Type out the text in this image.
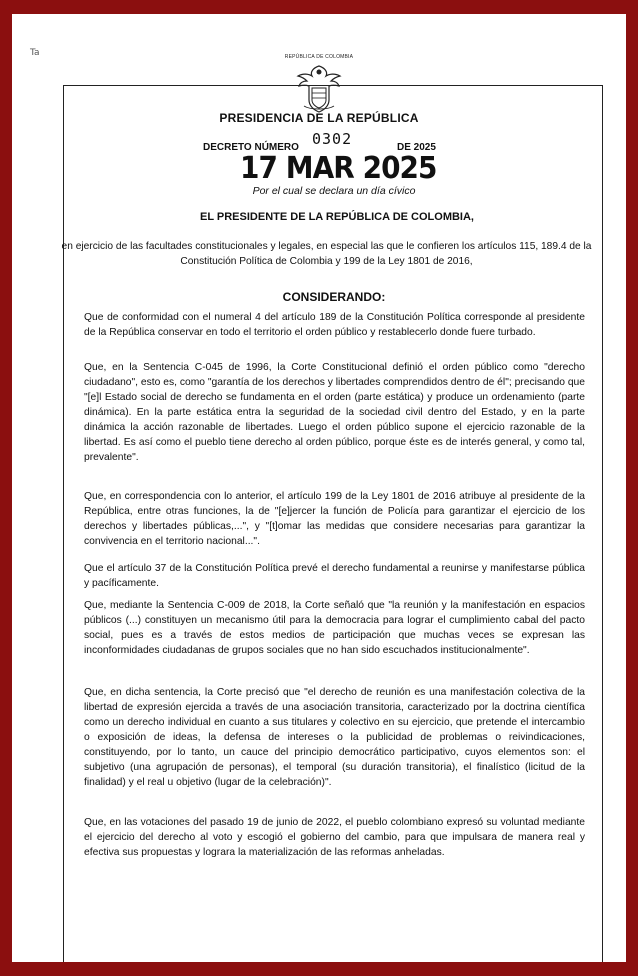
Ta	REPÚBLICA DE COLOMBIA
PRESIDENCIA DE LA REPÚBLICA
DECRETO NÚMERO 0302	DE 2025
17 MAR 2025
Por el cual se declara un día cívico
EL PRESIDENTE DE LA REPÚBLICA DE COLOMBIA,
en ejercicio de las facultades constitucionales y legales, en especial las que le confieren los artículos 115, 189.4 de la Constitución Política de Colombia y 199 de la Ley 1801 de 2016,
CONSIDERANDO:

Que de conformidad con el numeral 4 del artículo 189 de la Constitución Política corresponde al presidente de la República conservar en todo el territorio el orden público y restablecerlo donde fuere turbado.

Que, en la Sentencia C-045 de 1996, la Corte Constitucional definió el orden público como "derecho ciudadano", esto es, como "garantía de los derechos y libertades comprendidos dentro de él"; precisando que "[e]l Estado social de derecho se fundamenta en el orden (parte estática) y produce un ordenamiento (parte dinámica). En la parte estática entra la seguridad de la sociedad civil dentro del Estado, y en la parte dinámica la acción razonable de libertades. Luego el orden público supone el ejercicio razonable de la libertad. Es así como el pueblo tiene derecho al orden público, porque éste es de interés general, y como tal, prevalente".

Que, en correspondencia con lo anterior, el artículo 199 de la Ley 1801 de 2016 atribuye al presidente de la República, entre otras funciones, la de "[e]jercer la función de Policía para garantizar el ejercicio de los derechos y libertades públicas,...", y "[t]omar las medidas que considere necesarias para garantizar la convivencia en el territorio nacional...".

Que el artículo 37 de la Constitución Política prevé el derecho fundamental a reunirse y manifestarse pública y pacíficamente.

Que, mediante la Sentencia C-009 de 2018, la Corte señaló que "la reunión y la manifestación en espacios públicos (...) constituyen un mecanismo útil para la democracia para lograr el cumplimiento cabal del pacto social, pues es a través de estos medios de participación que muchas veces se expresan las inconformidades ciudadanas de grupos sociales que no han sido escuchados institucionalmente".

Que, en dicha sentencia, la Corte precisó que "el derecho de reunión es una manifestación colectiva de la libertad de expresión ejercida a través de una asociación transitoria, caracterizado por la doctrina científica como un derecho individual en cuanto a sus titulares y colectivo en su ejercicio, que pretende el intercambio o exposición de ideas, la defensa de intereses o la publicidad de problemas o reivindicaciones, constituyendo, por lo tanto, un cauce del principio democrático participativo, cuyos elementos son: el subjetivo (una agrupación de personas), el temporal (su duración transitoria), el finalístico (licitud de la finalidad) y el real u objetivo (lugar de la celebración)".

Que, en las votaciones del pasado 19 de junio de 2022, el pueblo colombiano expresó su voluntad mediante el ejercicio del derecho al voto y escogió el gobierno del cambio, para que impulsara de manera real y efectiva sus propuestas y lograra la materialización de las reformas anheladas.
